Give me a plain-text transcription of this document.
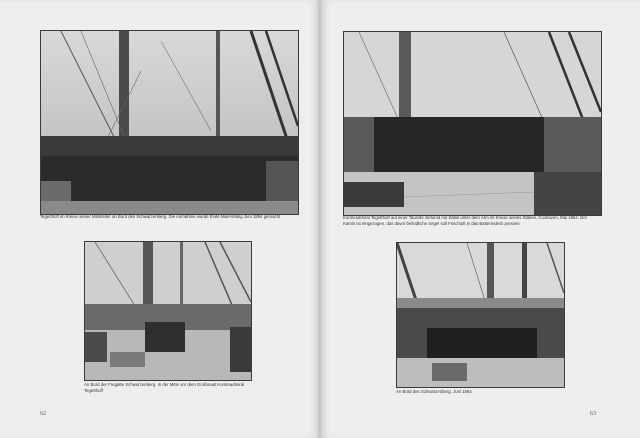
Tegetthoff im Kreise seiner Mitstreiter an Bord des Schwarzenberg. Die Aufnahme wurde Ende Mai/Anfang Juni 1864 gemacht
An Bord der Fregatte Schwarzenberg. In der Mitte vor dem Großmast Kontreadmiral Tegetthoff
62
Kontreadmiral Tegetthoff auf einer Taurolle stehend mit Säbel unter dem Arm im Kreise seines Stabes, Cuxhaven, Mai 1864. Der Kamin ist eingezogen, das davor befindliche Segel soll Frischluft in das Batteriedeck pressen
An Bord des Schwarzenberg, Juni 1864
63
